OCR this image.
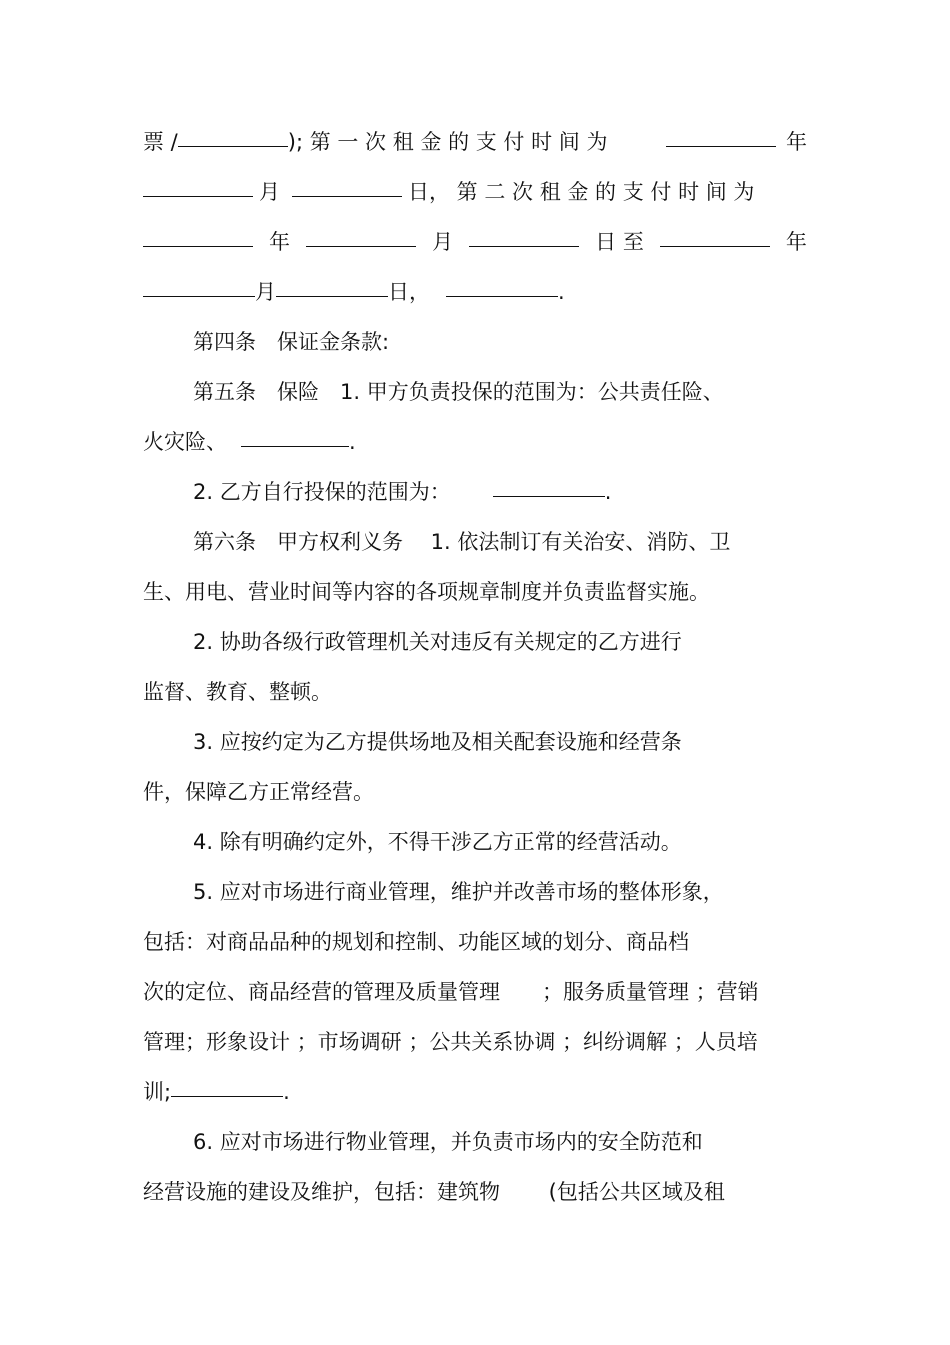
票 /	); 第 一 次 租 金 的 支 付 时 间 为	年
月	日， 第 二 次 租 金 的 支 付 时 间 为
年	月	日 至	年
月	日，	.
第四条　保证金条款:
第五条　保险　1. 甲方负责投保的范围为：公共责任险、
火灾险、	.
2. 乙方自行投保的范围为：	.
第六条　甲方权利义务　 1. 依法制订有关治安、消防、卫
生、用电、营业时间等内容的各项规章制度并负责监督实施。
2. 协助各级行政管理机关对违反有关规定的乙方进行
监督、教育、整顿。
3. 应按约定为乙方提供场地及相关配套设施和经营条
件，保障乙方正常经营。
4. 除有明确约定外，不得干涉乙方正常的经营活动。
5. 应对市场进行商业管理，维护并改善市场的整体形象，
包括：对商品品种的规划和控制、功能区域的划分、商品档
次的定位、商品经营的管理及质量管理　　；服务质量管理 ；营销
管理；形象设计 ；市场调研 ；公共关系协调 ；纠纷调解 ；人员培
训;	.
6. 应对市场进行物业管理，并负责市场内的安全防范和
经营设施的建设及维护，包括：建筑物　　 (包括公共区域及租
